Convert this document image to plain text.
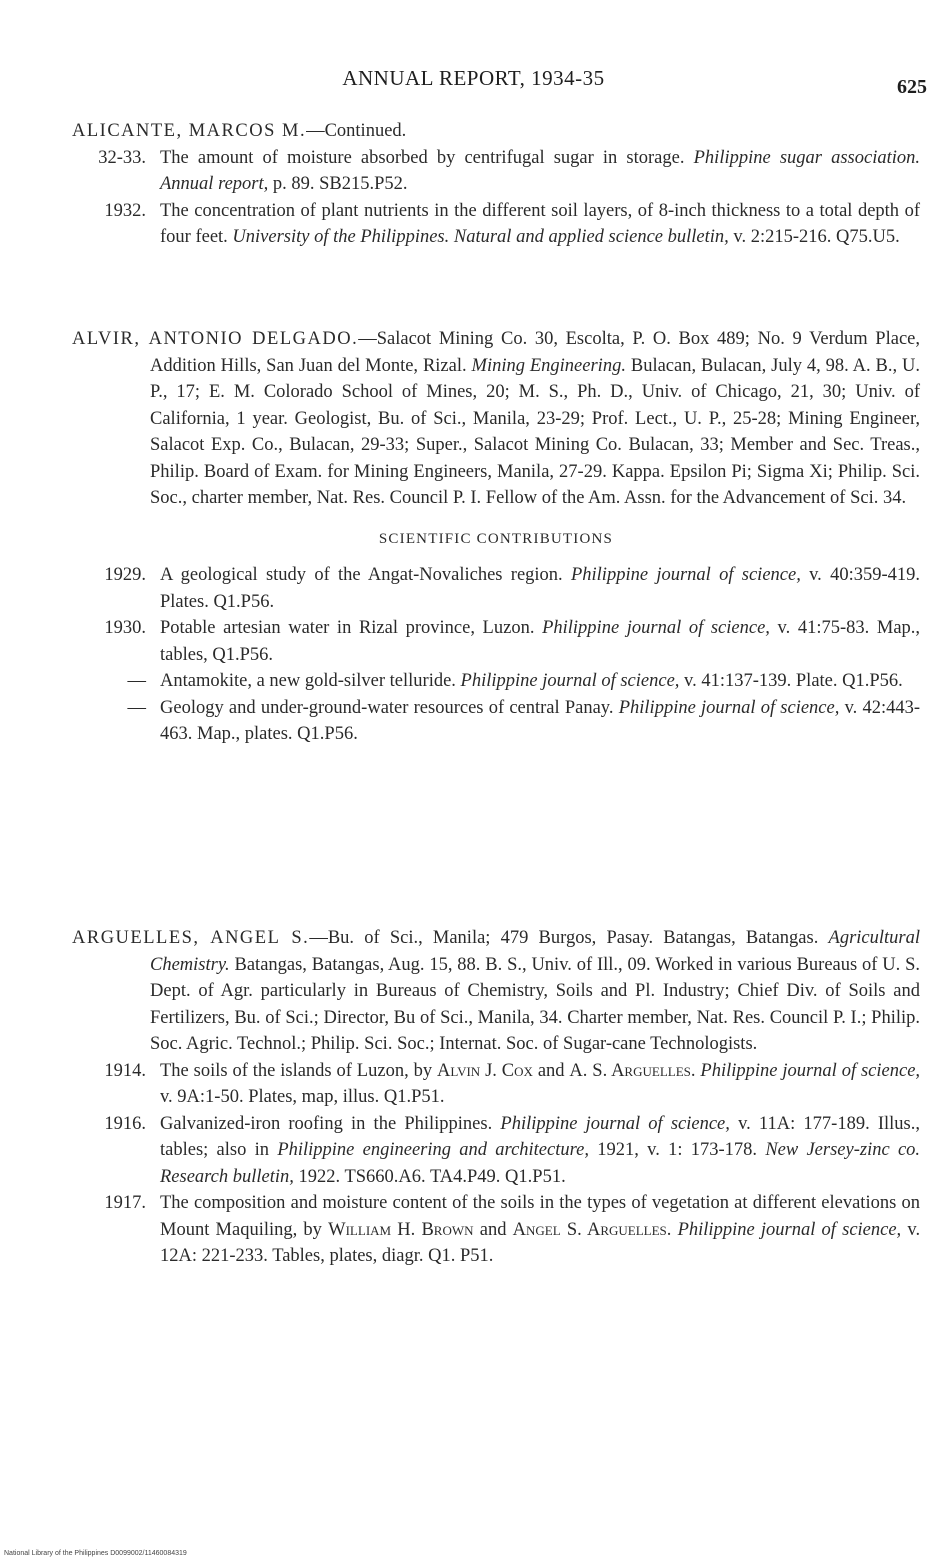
ANNUAL REPORT, 1934-35	625
ALICANTE, MARCOS M.—Continued.
32-33. The amount of moisture absorbed by centrifugal sugar in storage. Philippine sugar association. Annual report, p. 89. SB215.P52.
1932. The concentration of plant nutrients in the different soil layers, of 8-inch thickness to a total depth of four feet. University of the Philippines. Natural and applied science bulletin, v. 2:215-216. Q75.U5.
ALVIR, ANTONIO DELGADO.—Salacot Mining Co. 30, Escolta, P. O. Box 489; No. 9 Verdum Place, Addition Hills, San Juan del Monte, Rizal. Mining Engineering. Bulacan, Bulacan, July 4, 98. A. B., U. P., 17; E. M. Colorado School of Mines, 20; M. S., Ph. D., Univ. of Chicago, 21, 30; Univ. of California, 1 year. Geologist, Bu. of Sci., Manila, 23-29; Prof. Lect., U. P., 25-28; Mining Engineer, Salacot Exp. Co., Bulacan, 29-33; Super., Salacot Mining Co. Bulacan, 33; Member and Sec. Treas., Philip. Board of Exam. for Mining Engineers, Manila, 27-29. Kappa. Epsilon Pi; Sigma Xi; Philip. Sci. Soc., charter member, Nat. Res. Council P. I. Fellow of the Am. Assn. for the Advancement of Sci. 34.
SCIENTIFIC CONTRIBUTIONS
1929. A geological study of the Angat-Novaliches region. Philippine journal of science, v. 40:359-419. Plates. Q1.P56.
1930. Potable artesian water in Rizal province, Luzon. Philippine journal of science, v. 41:75-83. Map., tables, Q1.P56.
— Antamokite, a new gold-silver telluride. Philippine journal of science, v. 41:137-139. Plate. Q1.P56.
— Geology and under-ground-water resources of central Panay. Philippine journal of science, v. 42:443-463. Map., plates. Q1.P56.
ARGUELLES, ANGEL S.—Bu. of Sci., Manila; 479 Burgos, Pasay. Batangas, Batangas. Agricultural Chemistry. Batangas, Batangas, Aug. 15, 88. B. S., Univ. of Ill., 09. Worked in various Bureaus of U. S. Dept. of Agr. particularly in Bureaus of Chemistry, Soils and Pl. Industry; Chief Div. of Soils and Fertilizers, Bu. of Sci.; Director, Bu of Sci., Manila, 34. Charter member, Nat. Res. Council P. I.; Philip. Soc. Agric. Technol.; Philip. Sci. Soc.; Internat. Soc. of Sugar-cane Technologists.
1914. The soils of the islands of Luzon, by Alvin J. Cox and A. S. Arguelles. Philippine journal of science, v. 9A:1-50. Plates, map, illus. Q1.P51.
1916. Galvanized-iron roofing in the Philippines. Philippine journal of science, v. 11A: 177-189. Illus., tables; also in Philippine engineering and architecture, 1921, v. 1: 173-178. New Jersey-zinc co. Research bulletin, 1922. TS660.A6. TA4.P49. Q1.P51.
1917. The composition and moisture content of the soils in the types of vegetation at different elevations on Mount Maquiling, by William H. Brown and Angel S. Arguelles. Philippine journal of science, v. 12A: 221-233. Tables, plates, diagr. Q1. P51.
National Library of the Philippines D0099002/11460084319
